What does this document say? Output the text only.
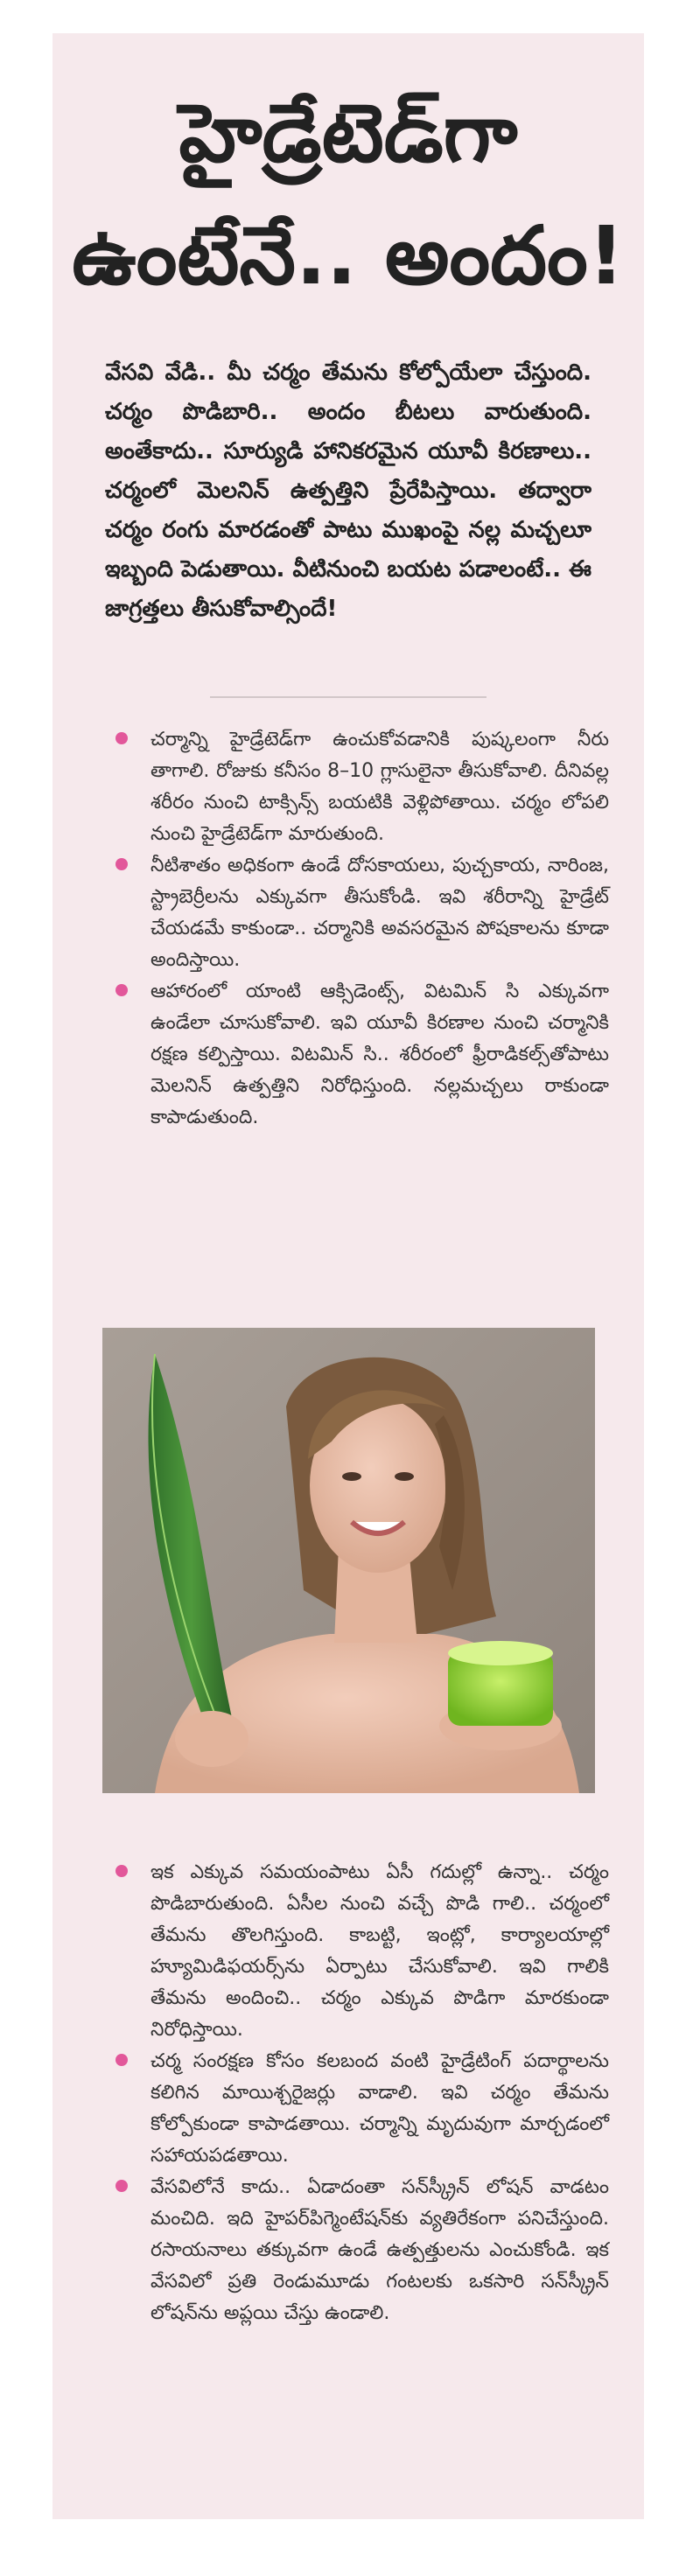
హైడ్రేటెడ్‌గా
ఉంటేనే.. అందం!

వేసవి వేడి.. మీ చర్మం తేమను కోల్పోయేలా చేస్తుంది. చర్మం పొడిబారి.. అందం బీటలు వారుతుంది. అంతేకాదు.. సూర్యుడి హానికరమైన యూవీ కిరణాలు.. చర్మంలో మెలనిన్ ఉత్పత్తిని ప్రేరేపిస్తాయి. తద్వారా చర్మం రంగు మారడంతో పాటు ముఖంపై నల్ల మచ్చలూ ఇబ్బంది పెడుతాయి. వీటినుంచి బయట పడాలంటే.. ఈ జాగ్రత్తలు తీసుకోవాల్సిందే!

చర్మాన్ని హైడ్రేటెడ్‌గా ఉంచుకోవడానికి పుష్కలంగా నీరు తాగాలి. రోజుకు కనీసం 8–10 గ్లాసులైనా తీసుకోవాలి. దీనివల్ల శరీరం నుంచి టాక్సిన్స్ బయటికి వెళ్లిపోతాయి. చర్మం లోపలి నుంచి హైడ్రేటెడ్‌గా మారుతుంది.
నీటిశాతం అధికంగా ఉండే దోసకాయలు, పుచ్చకాయ, నారింజ, స్ట్రాబెర్రీలను ఎక్కువగా తీసుకోండి. ఇవి శరీరాన్ని హైడ్రేట్ చేయడమే కాకుండా.. చర్మానికి అవసరమైన పోషకాలను కూడా అందిస్తాయి.
ఆహారంలో యాంటి ఆక్సిడెంట్స్, విటమిన్ సి ఎక్కువగా ఉండేలా చూసుకోవాలి. ఇవి యూవీ కిరణాల నుంచి చర్మానికి రక్షణ కల్పిస్తాయి. విటమిన్ సి.. శరీరంలో ఫ్రీరాడికల్స్‌తోపాటు మెలనిన్ ఉత్పత్తిని నిరోధిస్తుంది. నల్లమచ్చలు రాకుండా కాపాడుతుంది.
ఇక ఎక్కువ సమయంపాటు ఏసీ గదుల్లో ఉన్నా.. చర్మం పొడిబారుతుంది. ఏసీల నుంచి వచ్చే పొడి గాలి.. చర్మంలో తేమను తొలగిస్తుంది. కాబట్టి, ఇంట్లో, కార్యాలయాల్లో హ్యూమిడిఫయర్స్‌ను ఏర్పాటు చేసుకోవాలి. ఇవి గాలికి తేమను అందించి.. చర్మం ఎక్కువ పొడిగా మారకుండా నిరోధిస్తాయి.
చర్మ సంరక్షణ కోసం కలబంద వంటి హైడ్రేటింగ్ పదార్థాలను కలిగిన మాయిశ్చరైజర్లు వాడాలి. ఇవి చర్మం తేమను కోల్పోకుండా కాపాడతాయి. చర్మాన్ని మృదువుగా మార్చడంలో సహాయపడతాయి.
వేసవిలోనే కాదు.. ఏడాదంతా సన్‌స్క్రీన్ లోషన్ వాడటం మంచిది. ఇది హైపర్‌పిగ్మెంటేషన్‌కు వ్యతిరేకంగా పనిచేస్తుంది. రసాయనాలు తక్కువగా ఉండే ఉత్పత్తులను ఎంచుకోండి. ఇక వేసవిలో ప్రతి రెండుమూడు గంటలకు ఒకసారి సన్‌స్క్రీన్ లోషన్‌ను అప్లయి చేస్తు ఉండాలి.
